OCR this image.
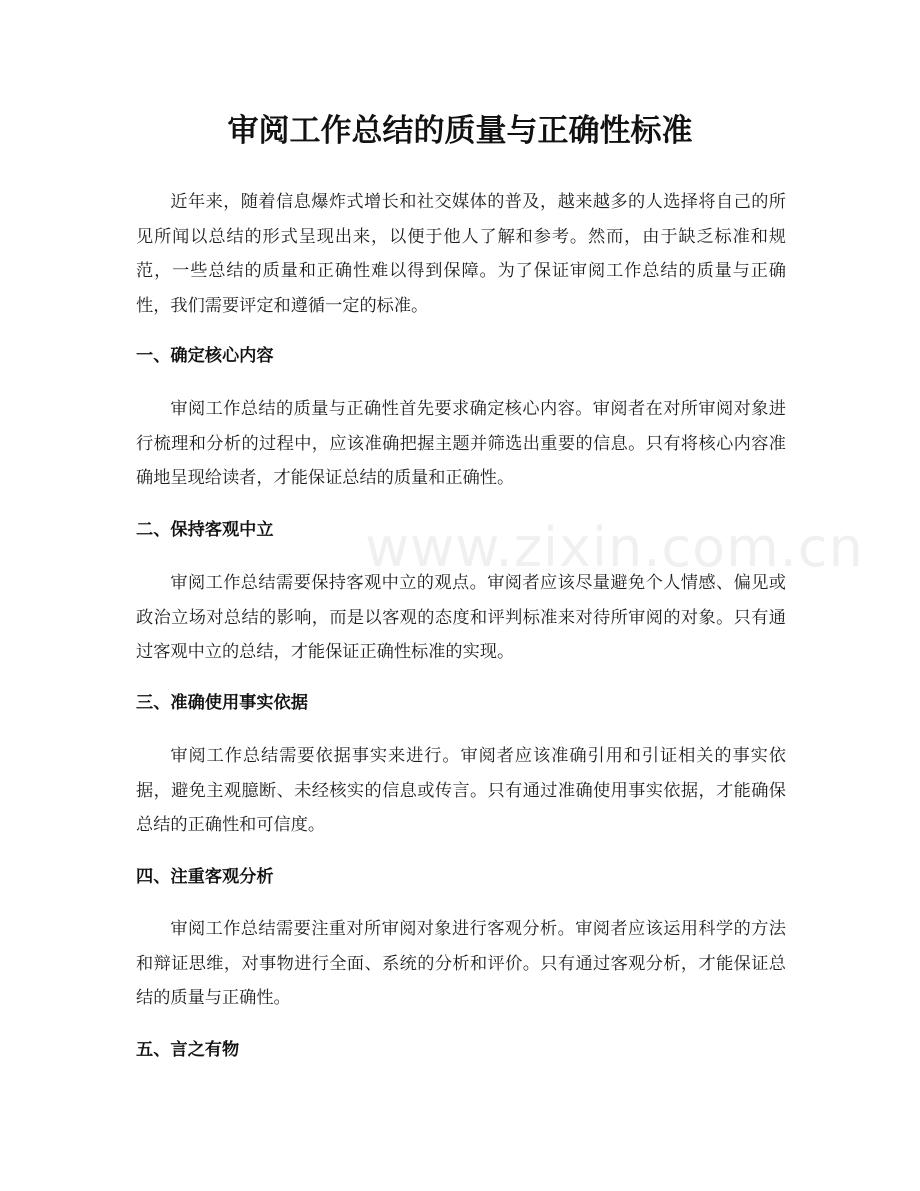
审阅工作总结的质量与正确性标准

近年来，随着信息爆炸式增长和社交媒体的普及，越来越多的人选择将自己的所见所闻以总结的形式呈现出来，以便于他人了解和参考。然而，由于缺乏标准和规范，一些总结的质量和正确性难以得到保障。为了保证审阅工作总结的质量与正确性，我们需要评定和遵循一定的标准。

一、确定核心内容

审阅工作总结的质量与正确性首先要求确定核心内容。审阅者在对所审阅对象进行梳理和分析的过程中，应该准确把握主题并筛选出重要的信息。只有将核心内容准确地呈现给读者，才能保证总结的质量和正确性。

二、保持客观中立

审阅工作总结需要保持客观中立的观点。审阅者应该尽量避免个人情感、偏见或政治立场对总结的影响，而是以客观的态度和评判标准来对待所审阅的对象。只有通过客观中立的总结，才能保证正确性标准的实现。

三、准确使用事实依据

审阅工作总结需要依据事实来进行。审阅者应该准确引用和引证相关的事实依据，避免主观臆断、未经核实的信息或传言。只有通过准确使用事实依据，才能确保总结的正确性和可信度。

四、注重客观分析

审阅工作总结需要注重对所审阅对象进行客观分析。审阅者应该运用科学的方法和辩证思维，对事物进行全面、系统的分析和评价。只有通过客观分析，才能保证总结的质量与正确性。

五、言之有物
www.zixin.com.cn
